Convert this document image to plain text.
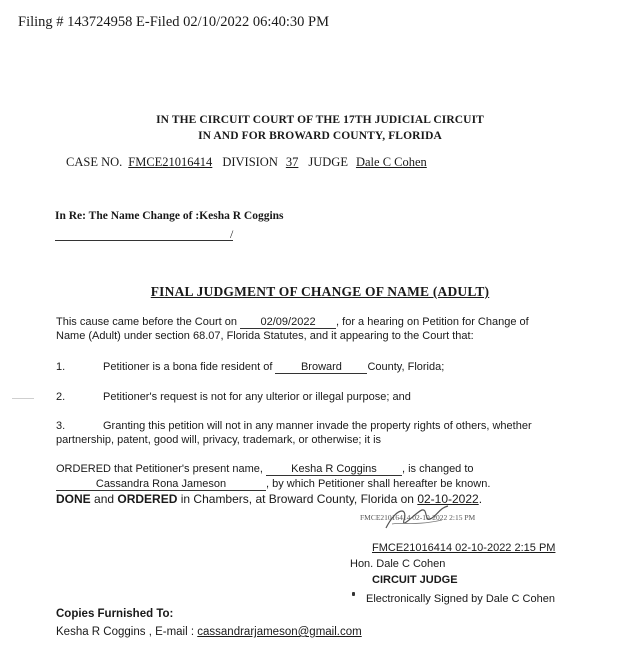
Filing # 143724958 E-Filed 02/10/2022 06:40:30 PM
IN THE CIRCUIT COURT OF THE 17TH JUDICIAL CIRCUIT
IN AND FOR BROWARD COUNTY, FLORIDA
CASE NO. FMCE21016414 DIVISION 37 JUDGE Dale C Cohen
In Re: The Name Change of :Kesha R Coggins
/
FINAL JUDGMENT OF CHANGE OF NAME (ADULT)
This cause came before the Court on 02/09/2022 , for a hearing on Petition for Change of
Name (Adult) under section 68.07, Florida Statutes, and it appearing to the Court that:
1.	Petitioner is a bona fide resident of	Broward County, Florida;
2.	Petitioner's request is not for any ulterior or illegal purpose; and
3.	Granting this petition will not in any manner invade the property rights of others, whether
partnership, patent, good will, privacy, trademark, or otherwise; it is
ORDERED that Petitioner's present name,	Kesha R Coggins , is changed to
Cassandra Rona Jameson	, by which Petitioner shall hereafter be known.
DONE and ORDERED in Chambers, at Broward County, Florida on 02-10-2022.
FMCE21016414 02-10-2022 2:15 PM
FMCE21016414 02-10-2022 2:15 PM
Hon. Dale C Cohen
CIRCUIT JUDGE
Electronically Signed by Dale C Cohen
Copies Furnished To:
Kesha R Coggins , E-mail : cassandrarjameson@gmail.com
